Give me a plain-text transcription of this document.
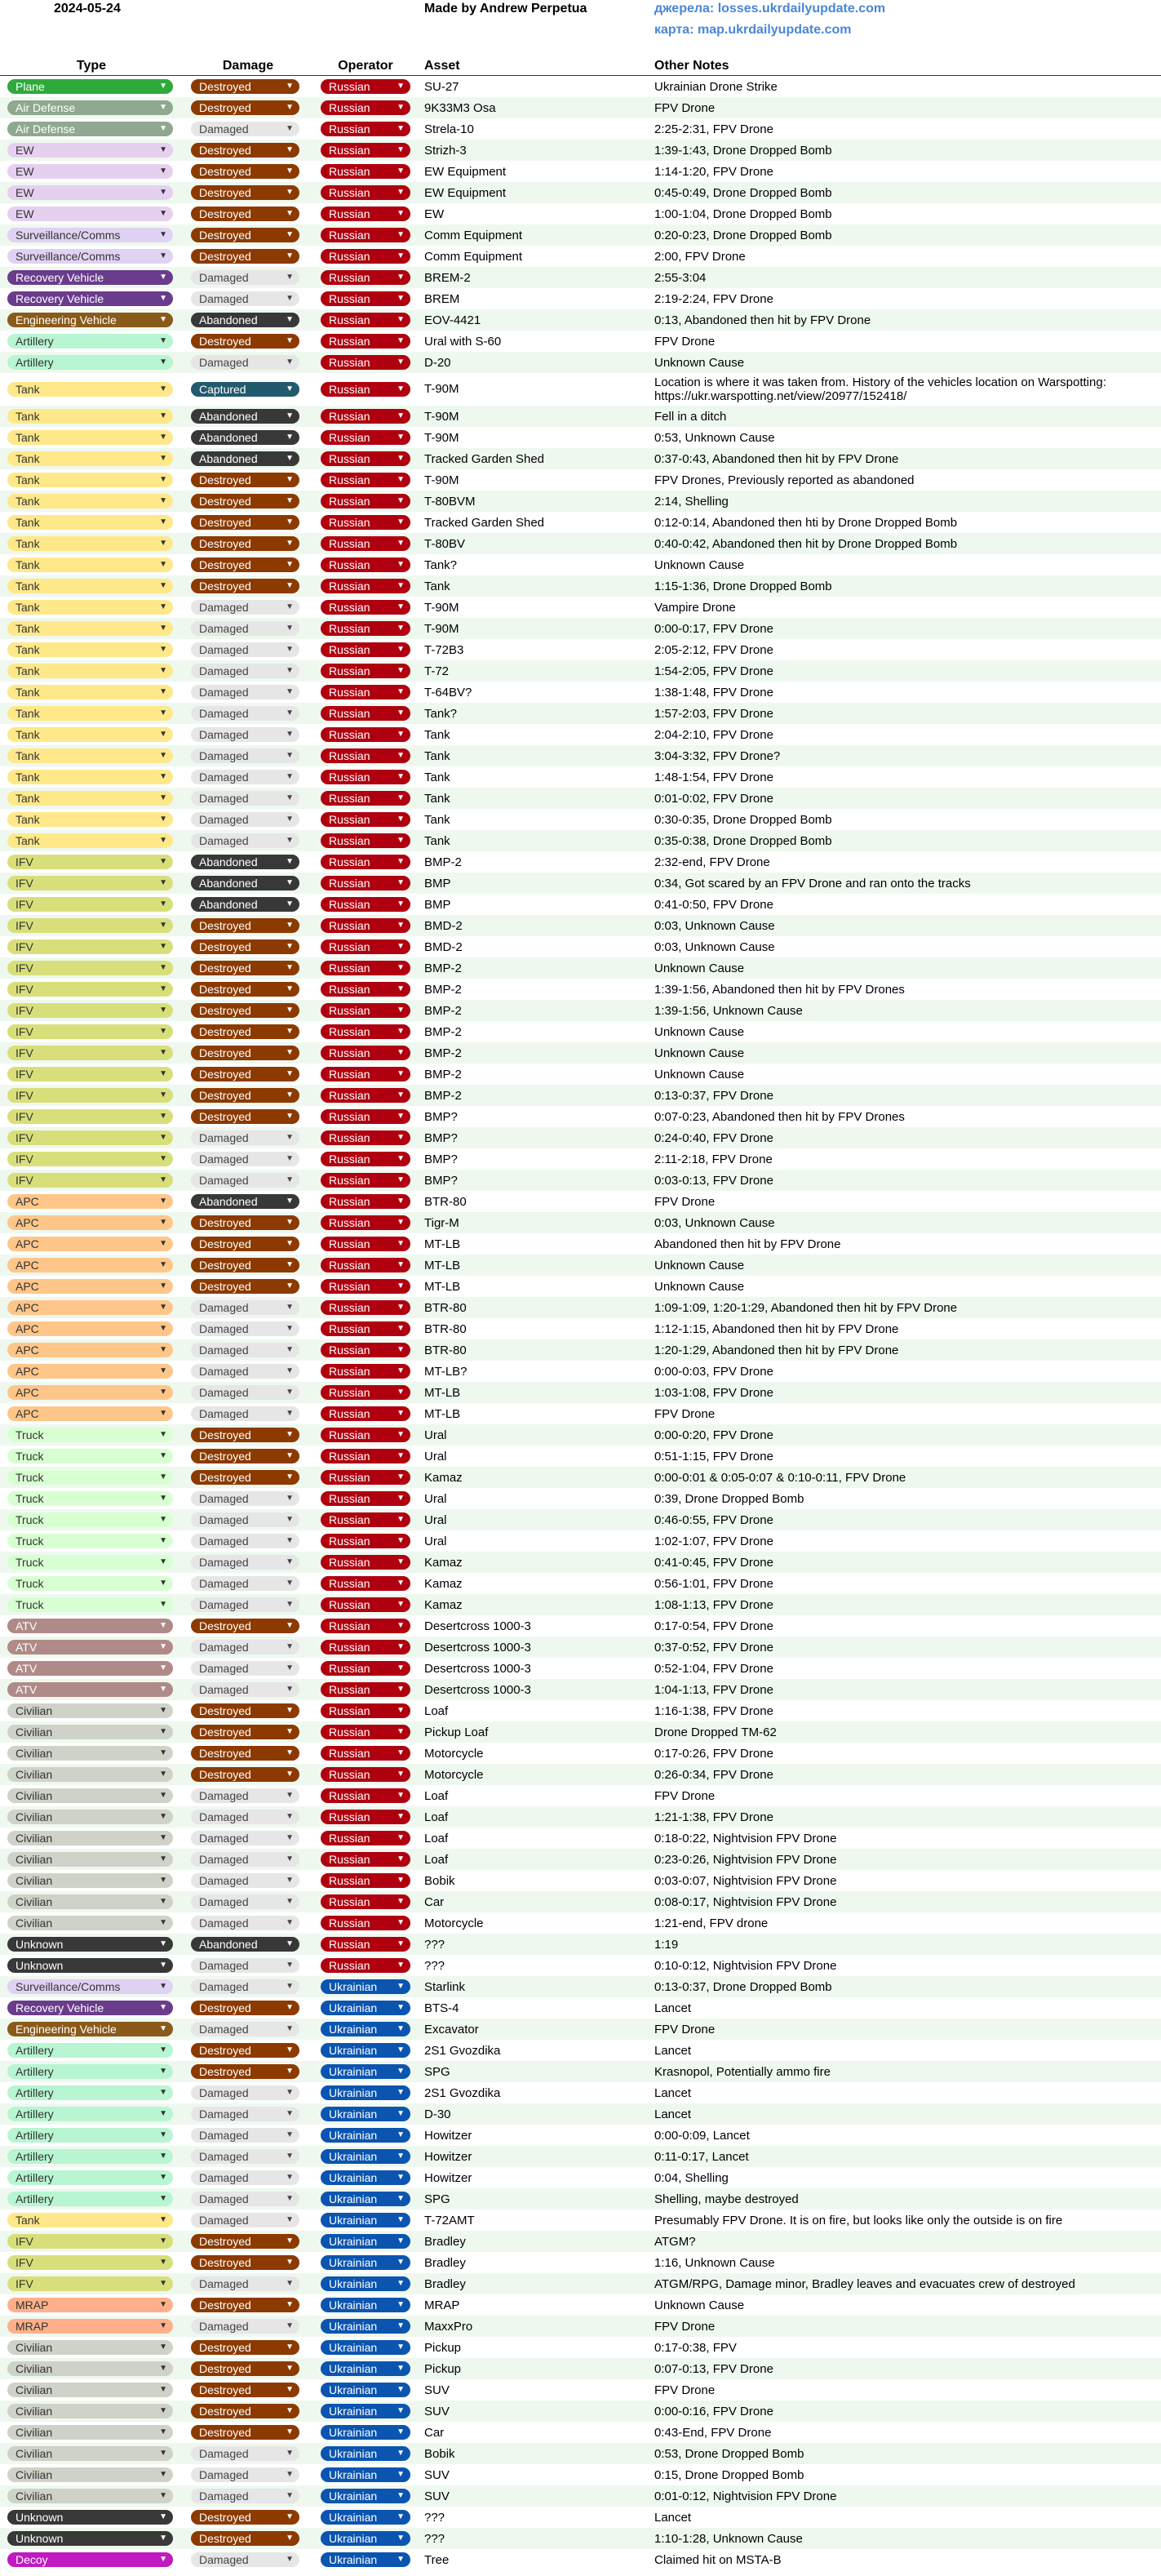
2024-05-24	Made by Andrew Perpetua	джерела: losses.ukrdailyupdate.com
карта: map.ukrdailyupdate.com
Type	Damage	Operator Asset	Other Notes
Plane	▼	Destroyed	▼	Russian	▼ SU-27	Ukrainian Drone Strike
Air Defense	▼	Destroyed	▼	Russian	▼ 9K33M3 Osa	FPV Drone
Air Defense	▼	Damaged	▼	Russian	▼ Strela-10	2:25-2:31, FPV Drone
EW	▼	Destroyed	▼	Russian	▼ Strizh-3	1:39-1:43, Drone Dropped Bomb
EW	▼	Destroyed	▼	Russian	▼ EW Equipment	1:14-1:20, FPV Drone
EW	▼	Destroyed	▼	Russian	▼ EW Equipment	0:45-0:49, Drone Dropped Bomb
EW	▼	Destroyed	▼	Russian	▼ EW	1:00-1:04, Drone Dropped Bomb
Surveillance/Comms	▼	Destroyed	▼	Russian	▼ Comm Equipment	0:20-0:23, Drone Dropped Bomb
Surveillance/Comms	▼	Destroyed	▼	Russian	▼ Comm Equipment	2:00, FPV Drone
Recovery Vehicle	▼	Damaged	▼	Russian	▼ BREM-2	2:55-3:04
Recovery Vehicle	▼	Damaged	▼	Russian	▼ BREM	2:19-2:24, FPV Drone
Engineering Vehicle	▼	Abandoned	▼	Russian	▼ EOV-4421	0:13, Abandoned then hit by FPV Drone
Artillery	▼	Destroyed	▼	Russian	▼ Ural with S-60	FPV Drone
Artillery	▼	Damaged	▼	Russian	▼ D-20	Unknown Cause
Tank	▼	Captured	▼	Russian	▼ T-90M	Location is where it was taken from. History of the vehicles location on Warspotting: https://ukr.warspotting.net/view/20977/152418/
Tank	▼	Abandoned	▼	Russian	▼ T-90M	Fell in a ditch
Tank	▼	Abandoned	▼	Russian	▼ T-90M	0:53, Unknown Cause
Tank	▼	Abandoned	▼	Russian	▼ Tracked Garden Shed	0:37-0:43, Abandoned then hit by FPV Drone
Tank	▼	Destroyed	▼	Russian	▼ T-90M	FPV Drones, Previously reported as abandoned
Tank	▼	Destroyed	▼	Russian	▼ T-80BVM	2:14, Shelling
Tank	▼	Destroyed	▼	Russian	▼ Tracked Garden Shed	0:12-0:14, Abandoned then hti by Drone Dropped Bomb
Tank	▼	Destroyed	▼	Russian	▼ T-80BV	0:40-0:42, Abandoned then hit by Drone Dropped Bomb
Tank	▼	Destroyed	▼	Russian	▼ Tank?	Unknown Cause
Tank	▼	Destroyed	▼	Russian	▼ Tank	1:15-1:36, Drone Dropped Bomb
Tank	▼	Damaged	▼	Russian	▼ T-90M	Vampire Drone
Tank	▼	Damaged	▼	Russian	▼ T-90M	0:00-0:17, FPV Drone
Tank	▼	Damaged	▼	Russian	▼ T-72B3	2:05-2:12, FPV Drone
Tank	▼	Damaged	▼	Russian	▼ T-72	1:54-2:05, FPV Drone
Tank	▼	Damaged	▼	Russian	▼ T-64BV?	1:38-1:48, FPV Drone
Tank	▼	Damaged	▼	Russian	▼ Tank?	1:57-2:03, FPV Drone
Tank	▼	Damaged	▼	Russian	▼ Tank	2:04-2:10, FPV Drone
Tank	▼	Damaged	▼	Russian	▼ Tank	3:04-3:32, FPV Drone?
Tank	▼	Damaged	▼	Russian	▼ Tank	1:48-1:54, FPV Drone
Tank	▼	Damaged	▼	Russian	▼ Tank	0:01-0:02, FPV Drone
Tank	▼	Damaged	▼	Russian	▼ Tank	0:30-0:35, Drone Dropped Bomb
Tank	▼	Damaged	▼	Russian	▼ Tank	0:35-0:38, Drone Dropped Bomb
IFV	▼	Abandoned	▼	Russian	▼ BMP-2	2:32-end, FPV Drone
IFV	▼	Abandoned	▼	Russian	▼ BMP	0:34, Got scared by an FPV Drone and ran onto the tracks
IFV	▼	Abandoned	▼	Russian	▼ BMP	0:41-0:50, FPV Drone
IFV	▼	Destroyed	▼	Russian	▼ BMD-2	0:03, Unknown Cause
IFV	▼	Destroyed	▼	Russian	▼ BMD-2	0:03, Unknown Cause
IFV	▼	Destroyed	▼	Russian	▼ BMP-2	Unknown Cause
IFV	▼	Destroyed	▼	Russian	▼ BMP-2	1:39-1:56, Abandoned then hit by FPV Drones
IFV	▼	Destroyed	▼	Russian	▼ BMP-2	1:39-1:56, Unknown Cause
IFV	▼	Destroyed	▼	Russian	▼ BMP-2	Unknown Cause
IFV	▼	Destroyed	▼	Russian	▼ BMP-2	Unknown Cause
IFV	▼	Destroyed	▼	Russian	▼ BMP-2	Unknown Cause
IFV	▼	Destroyed	▼	Russian	▼ BMP-2	0:13-0:37, FPV Drone
IFV	▼	Destroyed	▼	Russian	▼ BMP?	0:07-0:23, Abandoned then hit by FPV Drones
IFV	▼	Damaged	▼	Russian	▼ BMP?	0:24-0:40, FPV Drone
IFV	▼	Damaged	▼	Russian	▼ BMP?	2:11-2:18, FPV Drone
IFV	▼	Damaged	▼	Russian	▼ BMP?	0:03-0:13, FPV Drone
APC	▼	Abandoned	▼	Russian	▼ BTR-80	FPV Drone
APC	▼	Destroyed	▼	Russian	▼ Tigr-M	0:03, Unknown Cause
APC	▼	Destroyed	▼	Russian	▼ MT-LB	Abandoned then hit by FPV Drone
APC	▼	Destroyed	▼	Russian	▼ MT-LB	Unknown Cause
APC	▼	Destroyed	▼	Russian	▼ MT-LB	Unknown Cause
APC	▼	Damaged	▼	Russian	▼ BTR-80	1:09-1:09, 1:20-1:29, Abandoned then hit by FPV Drone
APC	▼	Damaged	▼	Russian	▼ BTR-80	1:12-1:15, Abandoned then hit by FPV Drone
APC	▼	Damaged	▼	Russian	▼ BTR-80	1:20-1:29, Abandoned then hit by FPV Drone
APC	▼	Damaged	▼	Russian	▼ MT-LB?	0:00-0:03, FPV Drone
APC	▼	Damaged	▼	Russian	▼ MT-LB	1:03-1:08, FPV Drone
APC	▼	Damaged	▼	Russian	▼ MT-LB	FPV Drone
Truck	▼	Destroyed	▼	Russian	▼ Ural	0:00-0:20, FPV Drone
Truck	▼	Destroyed	▼	Russian	▼ Ural	0:51-1:15, FPV Drone
Truck	▼	Destroyed	▼	Russian	▼ Kamaz	0:00-0:01 & 0:05-0:07 & 0:10-0:11, FPV Drone
Truck	▼	Damaged	▼	Russian	▼ Ural	0:39, Drone Dropped Bomb
Truck	▼	Damaged	▼	Russian	▼ Ural	0:46-0:55, FPV Drone
Truck	▼	Damaged	▼	Russian	▼ Ural	1:02-1:07, FPV Drone
Truck	▼	Damaged	▼	Russian	▼ Kamaz	0:41-0:45, FPV Drone
Truck	▼	Damaged	▼	Russian	▼ Kamaz	0:56-1:01, FPV Drone
Truck	▼	Damaged	▼	Russian	▼ Kamaz	1:08-1:13, FPV Drone
ATV	▼	Destroyed	▼	Russian	▼ Desertcross 1000-3	0:17-0:54, FPV Drone
ATV	▼	Damaged	▼	Russian	▼ Desertcross 1000-3	0:37-0:52, FPV Drone
ATV	▼	Damaged	▼	Russian	▼ Desertcross 1000-3	0:52-1:04, FPV Drone
ATV	▼	Damaged	▼	Russian	▼ Desertcross 1000-3	1:04-1:13, FPV Drone
Civilian	▼	Destroyed	▼	Russian	▼ Loaf	1:16-1:38, FPV Drone
Civilian	▼	Destroyed	▼	Russian	▼ Pickup Loaf	Drone Dropped TM-62
Civilian	▼	Destroyed	▼	Russian	▼ Motorcycle	0:17-0:26, FPV Drone
Civilian	▼	Destroyed	▼	Russian	▼ Motorcycle	0:26-0:34, FPV Drone
Civilian	▼	Damaged	▼	Russian	▼ Loaf	FPV Drone
Civilian	▼	Damaged	▼	Russian	▼ Loaf	1:21-1:38, FPV Drone
Civilian	▼	Damaged	▼	Russian	▼ Loaf	0:18-0:22, Nightvision FPV Drone
Civilian	▼	Damaged	▼	Russian	▼ Loaf	0:23-0:26, Nightvision FPV Drone
Civilian	▼	Damaged	▼	Russian	▼ Bobik	0:03-0:07, Nightvision FPV Drone
Civilian	▼	Damaged	▼	Russian	▼ Car	0:08-0:17, Nightvision FPV Drone
Civilian	▼	Damaged	▼	Russian	▼ Motorcycle	1:21-end, FPV drone
Unknown	▼	Abandoned	▼	Russian	▼ ???	1:19
Unknown	▼	Damaged	▼	Russian	▼ ???	0:10-0:12, Nightvision FPV Drone
Surveillance/Comms	▼	Damaged	▼	Ukrainian ▼ Starlink	0:13-0:37, Drone Dropped Bomb
Recovery Vehicle	▼	Destroyed	▼	Ukrainian ▼ BTS-4	Lancet
Engineering Vehicle	▼	Damaged	▼	Ukrainian ▼ Excavator	FPV Drone
Artillery	▼	Destroyed	▼	Ukrainian ▼ 2S1 Gvozdika	Lancet
Artillery	▼	Destroyed	▼	Ukrainian ▼ SPG	Krasnopol, Potentially ammo fire
Artillery	▼	Damaged	▼	Ukrainian ▼ 2S1 Gvozdika	Lancet
Artillery	▼	Damaged	▼	Ukrainian ▼ D-30	Lancet
Artillery	▼	Damaged	▼	Ukrainian ▼ Howitzer	0:00-0:09, Lancet
Artillery	▼	Damaged	▼	Ukrainian ▼ Howitzer	0:11-0:17, Lancet
Artillery	▼	Damaged	▼	Ukrainian ▼ Howitzer	0:04, Shelling
Artillery	▼	Damaged	▼	Ukrainian ▼ SPG	Shelling, maybe destroyed
Tank	▼	Damaged	▼	Ukrainian ▼ T-72AMT	Presumably FPV Drone. It is on fire, but looks like only the outside is on fire
IFV	▼	Destroyed	▼	Ukrainian ▼ Bradley	ATGM?
IFV	▼	Destroyed	▼	Ukrainian ▼ Bradley	1:16, Unknown Cause
IFV	▼	Damaged	▼	Ukrainian ▼ Bradley	ATGM/RPG, Damage minor, Bradley leaves and evacuates crew of destroyed
MRAP	▼	Destroyed	▼	Ukrainian ▼ MRAP	Unknown Cause
MRAP	▼	Damaged	▼	Ukrainian ▼ MaxxPro	FPV Drone
Civilian	▼	Destroyed	▼	Ukrainian ▼ Pickup	0:17-0:38, FPV
Civilian	▼	Destroyed	▼	Ukrainian ▼ Pickup	0:07-0:13, FPV Drone
Civilian	▼	Destroyed	▼	Ukrainian ▼ SUV	FPV Drone
Civilian	▼	Destroyed	▼	Ukrainian ▼ SUV	0:00-0:16, FPV Drone
Civilian	▼	Destroyed	▼	Ukrainian ▼ Car	0:43-End, FPV Drone
Civilian	▼	Damaged	▼	Ukrainian ▼ Bobik	0:53, Drone Dropped Bomb
Civilian	▼	Damaged	▼	Ukrainian ▼ SUV	0:15, Drone Dropped Bomb
Civilian	▼	Damaged	▼	Ukrainian ▼ SUV	0:01-0:12, Nightvision FPV Drone
Unknown	▼	Destroyed	▼	Ukrainian ▼ ???	Lancet
Unknown	▼	Destroyed	▼	Ukrainian ▼ ???	1:10-1:28, Unknown Cause
Decoy	▼	Damaged	▼	Ukrainian ▼ Tree	Claimed hit on MSTA-B
